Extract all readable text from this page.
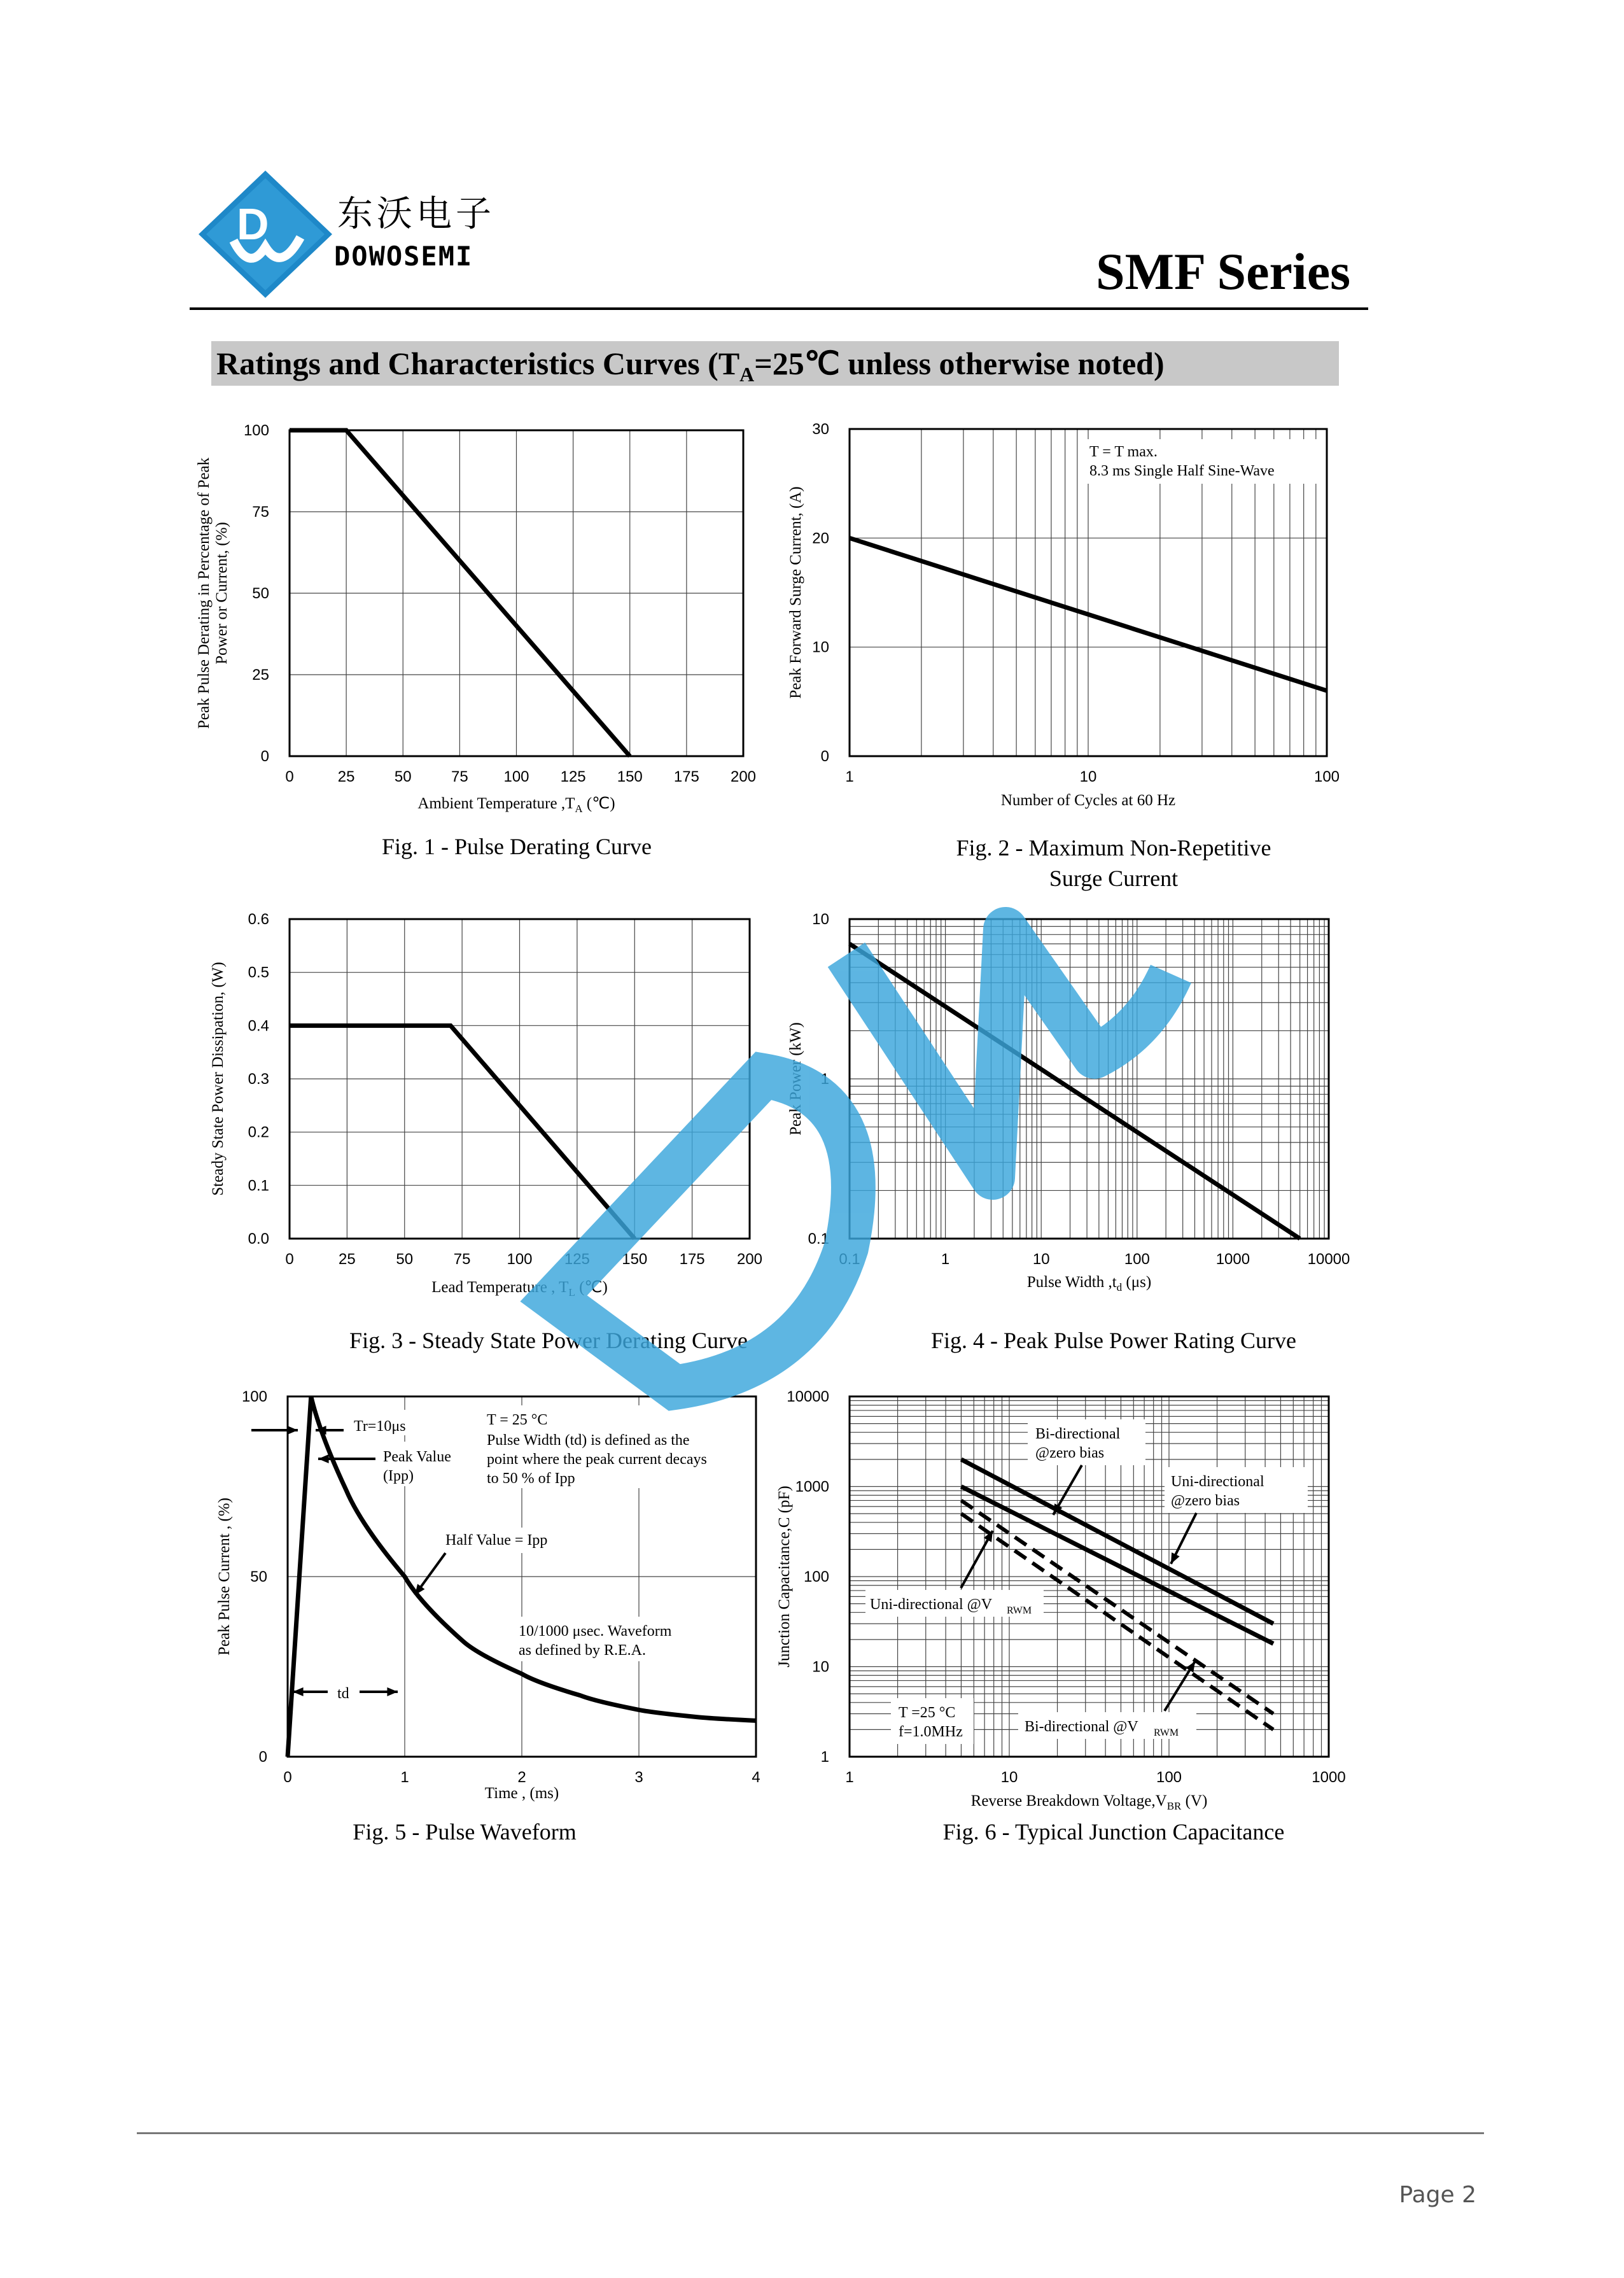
D 东沃电子
DOWOSEMI	SMF Series
Ratings and Characteristics Curves ($T_A=25℃$ unless otherwise noted)
0	25	50	75 100 125 150 175 200
0
25
50
75
100
Ambient Temperature $,T_A$ (℃)
Peak Pulse Derating in Percentage of Peak Power or Current, (%)
Fig. 1 - Pulse Derating Curve
1	10	100
0
10
20
30
Number of Cycles at 60 Hz
Peak Forward Surge Current, (A)
Fig. 2 - Maximum Non-Repetitive
Surge Current
T = T max.
8.3 ms Single Half Sine-Wave
0	25	50	75 100 125 150 175 200
0.0
0.1
0.2
0.3
0.4
0.5
0.6
Lead Temperature , $T_L$ (℃)
Steady State Power Dissipation, (W)
Fig. 3 - Steady State Power Derating Curve
0.1	1	10	100	1000	10000
0.1
1
10
Pulse Width $,t_d$ (μs)
Peak Power (kW)
Fig. 4 - Peak Pulse Power Rating Curve
0	1	2	3	4
0
50
100
Time , (ms)
Peak Pulse Current , (%)
Fig. 5 - Pulse Waveform
Tr=10μs
Peak Value
(Ipp)
T = 25 °C
Pulse Width (td) is defined as the
point where the peak current decays
to 50 % of Ipp
Half Value = Ipp
10/1000 μsec. Waveform
as defined by R.E.A.
td
1	10	100	1000
1
10
100
1000
10000
Reverse Breakdown $Voltage,V_{BR}$ (V)
Junction Capacitance,C (pF)
Fig. 6 - Typical Junction Capacitance
Bi-directional
@zero bias
Uni-directional
@zero bias
Uni-directional @V RWM
Bi-directional @V RWM
T =25 °C
f=1.0MHz
Page 2
